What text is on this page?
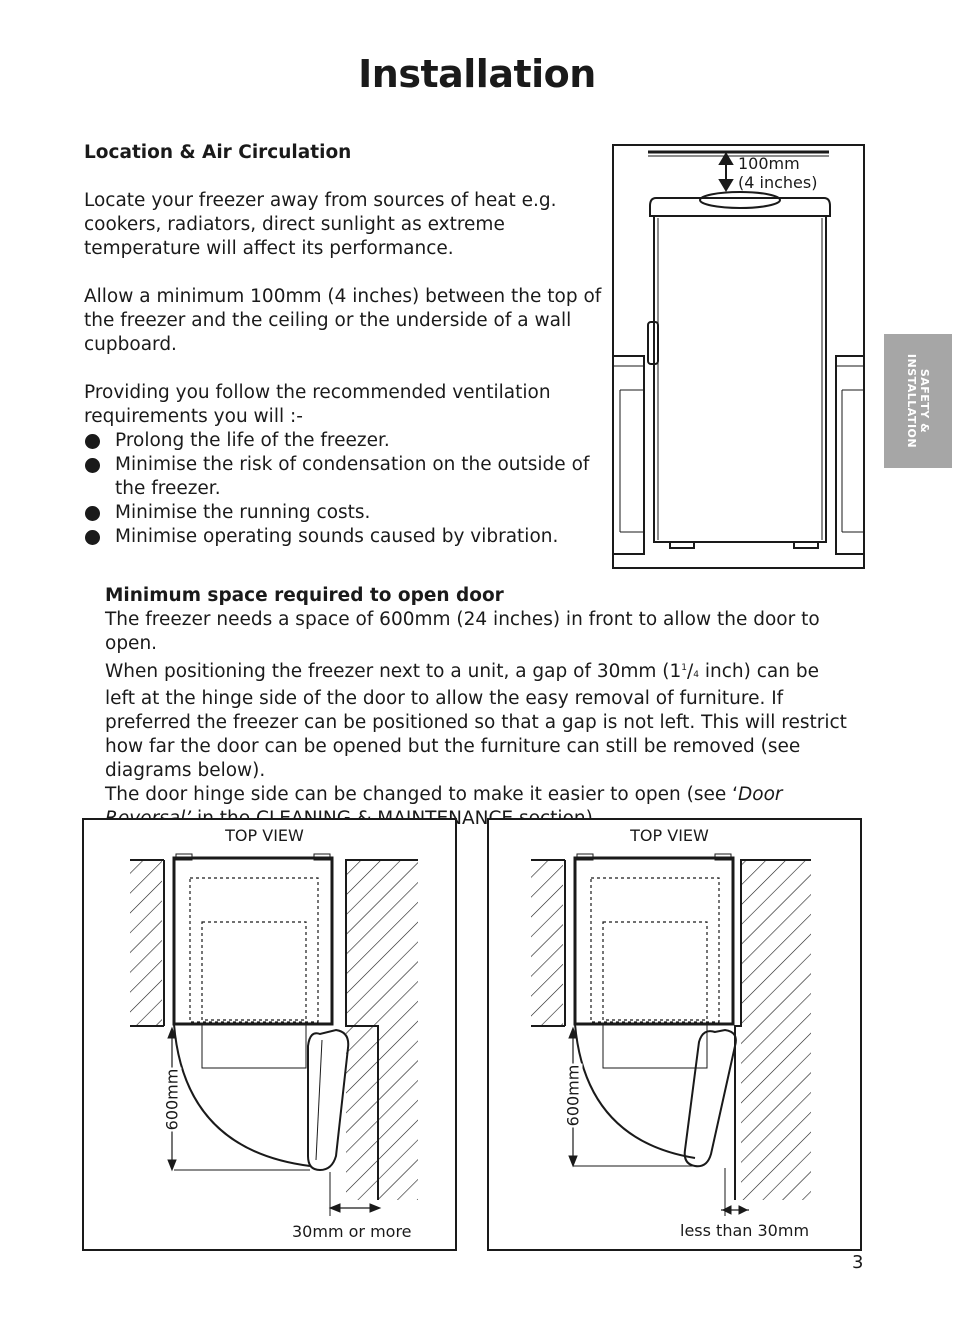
Installation
SAFETY &
INSTALLATION
Location & Air Circulation
Locate your freezer away from sources of heat e.g. cookers, radiators, direct sunlight as extreme temperature will affect its performance.
Allow a minimum 100mm (4 inches) between the top of the freezer and the ceiling or the underside of a wall cupboard.
Providing you follow the recommended ventilation requirements you will :-
Prolong the life of the freezer.
Minimise the risk of condensation on the outside of the freezer.
Minimise the running costs.
Minimise operating sounds caused by vibration.
100mm
(4 inches)
Minimum space required to open door
The freezer needs a space of 600mm (24 inches) in front to allow the door to open.
When positioning the freezer next to a unit, a gap of 30mm ($1^1/4$ inch) can be left at the hinge side of the door to allow the easy removal of furniture. If preferred the freezer can be positioned so that a gap is not left. This will restrict how far the door can be opened but the furniture can still be removed (see diagrams below).
The door hinge side can be changed to make it easier to open (see ‘Door
TOP VIEW
600mm
30mm or more
TOP VIEW
600mm
less than 30mm
3
